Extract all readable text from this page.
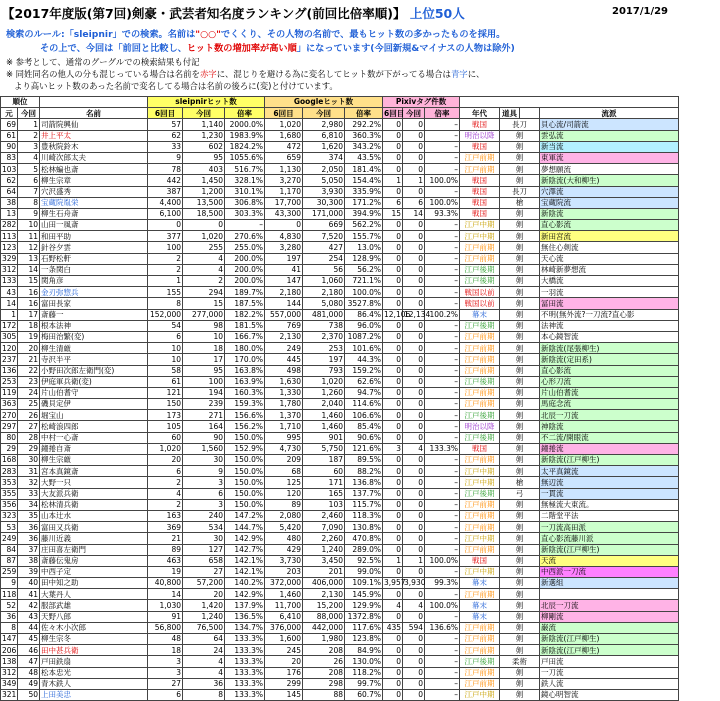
【2017年度版(第7回)剣豪・武芸者知名度ランキング(前回比倍率順)】 上位50人	2017/1/29
検索のルール:「sleipnir」での検索。名前は"○○"でくくり、その人物の名前で、最もヒット数の多かったものを採用。
その上で、今回は「前回と比較し、ヒット数の増加率が高い順」になっています(今回新規&マイナスの人物は除外)
※ 参考として、通常のグーグルでの検索結果も付記
※ 同姓同名の他人の分も混じっている場合は名前を赤字に、混じりを避ける為に変名してヒット数が下がってる場合は青字に、
より高いヒット数のあった名前で変名してる場合は名前の後ろに(変)と付けています。
順位			sleipnirヒット数			Googleヒット数			Pixivタグ件数						
元	今回	名前	6回目	今回	倍率	6回目	今回	倍率	6回目	今回	倍率	年代	道具		流派
69	1	司箭院興仙	57	1,140	2000.0%	1,020	2,980	292.2%	0	0	–	戦国	長刀		貝心流/司箭流
61	2	井上平太	62	1,230	1983.9%	1,680	6,810	360.3%	0	0	–	明治以降	剣		雲弘流
90	3	豊秋院鈴木	33	602	1824.2%	472	1,620	343.2%	0	0	–	戦国	剣		新当流
83	4	川崎次郎太夫	9	95	1055.6%	659	374	43.5%	0	0	–	江戸前期	剣		東軍流
103	5	松林蝙也斎	78	403	516.7%	1,130	2,050	181.4%	0	0	–	江戸前期	剣		夢想願流
62	6	柳生宗章	442	1,450	328.1%	3,270	5,050	154.4%	1	1	100.0%	戦国	剣		新陰流(大和柳生)
64	7	穴沢盛秀	387	1,200	310.1%	1,170	3,930	335.9%	0	0	–	戦国	長刀		穴澤流
38	8	宝蔵院胤栄	4,400	13,500	306.8%	17,700	30,300	171.2%	6	6	100.0%	戦国	槍		宝蔵院流
13	9	柳生石舟斎	6,100	18,500	303.3%	43,300	171,000	394.9%	15	14	93.3%	戦国	剣		新陰流
282	10	山田一風斎	0	0	–	0	669	562.2%	0	0	–	江戸中期	剣		直心影流
113	11	和田平助	377	1,020	270.6%	4,830	7,520	155.7%	0	0	–	江戸中期	剣		新田宮流
123	12	針谷夕雲	100	255	255.0%	3,280	427	13.0%	0	0	–	江戸前期	剣		無住心剣流
329	13	石野松軒	2	4	200.0%	197	254	128.9%	0	0	–	江戸前期	剣		天心流
312	14	一条関白	2	4	200.0%	41	56	56.2%	0	0	–	江戸後期	剣		林崎新夢想流
133	15	関角彦	1	2	200.0%	147	1,060	721.1%	0	0	–	江戸後期	剣		大橋流
43	16	金刃弥惣兵	155	294	189.7%	2,180	2,180	100.0%	0	0	–	戦国以前	剣		一羽流
14	16	富田長家	8	15	187.5%	144	5,080	3527.8%	0	0	–	戦国以前	剣		冨田流
1	17	斎藤一	152,000	277,000	182.2%	557,000	481,000	86.4%	12,106	12,134	100.2%	幕末	剣		不明(無外流?一刀流?直心影
172	18	根本法神	54	98	181.5%	769	738	96.0%	0	0	–	江戸後期	剣		法神流
305	19	梅田治繁(変)	6	10	166.7%	2,130	2,370	1087.2%	0	0	–	江戸前期	剣		本心鏡智流
120	20	柳生清厳	10	18	180.0%	249	253	101.6%	0	0	–	江戸前期	剣		新陰流(尾張柳生)
237	21	寺沢半平	10	17	170.0%	445	197	44.3%	0	0	–	江戸前期	剣		新陰流(定田系)
136	22	小野田次郎左衛門(変)	58	95	163.8%	498	793	159.2%	0	0	–	江戸前期	剣		直心影流
253	23	伊庭軍兵衛(変)	61	100	163.9%	1,630	1,020	62.6%	0	0	–	江戸後期	剣		心形刀流
119	24	片山伯耆守	121	194	160.3%	1,330	1,260	94.7%	0	0	–	江戸前期	剣		片山伯耆流
363	25	磯貝定伊	150	239	159.3%	1,780	2,040	114.6%	0	0	–	江戸前期	剣		馬庭念流
270	26	堀宝山	173	271	156.6%	1,370	1,460	106.6%	0	0	–	江戸後期	剣		北辰一刀流
297	27	松崎浪四郎	105	164	156.2%	1,710	1,460	85.4%	0	0	–	明治以降	剣		神陰流
80	28	中村一心斎	60	90	150.0%	995	901	90.6%	0	0	–	江戸後期	剣		不二流/開眼流
29	29	鐘捲自斎	1,020	1,560	152.9%	4,730	5,750	121.6%	3	4	133.3%	戦国	剣		鐘捲流
168	30	柳生宗厳	20	30	150.0%	209	187	89.5%	0	0	–	江戸前期	剣		新陰流(江戸柳生)
283	31	宮本真鏡斎	6	9	150.0%	68	60	88.2%	0	0	–	江戸中期	剣		太平真鏡流
353	32	大野一只	2	3	150.0%	125	171	136.8%	0	0	–	江戸中期	槍		無辺流
355	33	大友派兵衛	4	6	150.0%	120	165	137.7%	0	0	–	江戸後期	弓		一貫流
356	34	松林清兵衛	2	3	150.0%	89	103	115.7%	0	0	–	江戸前期	剣		無極流大東流。
323	35	山本辻水	163	240	147.2%	2,080	2,460	118.3%	0	0	–	江戸前期	剣		二階堂平法
53	36	富田又兵衛	369	534	144.7%	5,420	7,090	130.8%	0	0	–	江戸前期	剣		一刀流高田派
249	36	藤川近義	21	30	142.9%	480	2,260	470.8%	0	0	–	江戸中期	剣		直心影流藤川派
84	37	庄田喜左衛門	89	127	142.7%	429	1,240	289.0%	0	0	–	江戸前期	剣		新陰流(江戸柳生)
87	38	斎藤伝鬼房	463	658	142.1%	3,730	3,450	92.5%	1	1	100.0%	戦国	剣		天流
259	39	中西子定	19	27	142.1%	203	201	99.0%	0	0	–	江戸中期	剣		中西派一刀流
9	40	田中知之助	40,800	57,200	140.2%	372,000	406,000	109.1%	3,957	3,930	99.3%	幕末	剣		新選組
118	41	大葉丹人	14	20	142.9%	1,460	2,130	145.9%	0	0	–	江戸前期	剣		
52	42	服部武雄	1,030	1,420	137.9%	11,700	15,200	129.9%	4	4	100.0%	幕末	剣		北辰一刀流
36	43	天野八郎	91	1,240	136.5%	6,410	88,000	1372.8%	0	0	–	幕末	剣		柳剛流
8	44	佐々木小次郎	56,800	76,500	134.7%	376,000	442,000	117.6%	435	594	136.6%	江戸前期	剣		巌流
147	45	柳生宗冬	48	64	133.3%	1,600	1,980	123.8%	0	0	–	江戸前期	剣		新陰流(江戸柳生)
206	46	田中甚兵衛	18	24	133.3%	245	208	84.9%	0	0	–	江戸前期	剣		新陰流(江戸柳生)
138	47	戸田鉄扇	3	4	133.3%	20	26	130.0%	0	0	–	江戸後期	柔術		戸田流
312	48	松本忠光	3	4	133.3%	176	208	118.2%	0	0	–	江戸前期	剣		一刀流
349	49	青木鉄人	27	36	133.3%	299	298	99.7%	0	0	–	江戸前期	剣		鉄人流
321	50	上田美忠	6	8	133.3%	145	88	60.7%	0	0	–	江戸中期	剣		鏡心明智流
